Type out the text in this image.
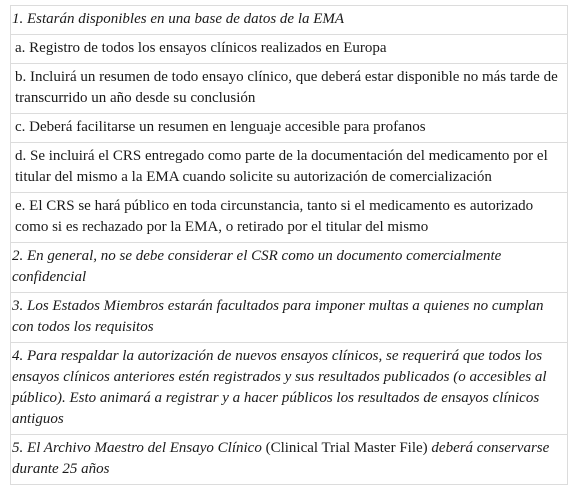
1. Estarán disponibles en una base de datos de la EMA
a. Registro de todos los ensayos clínicos realizados en Europa
b. Incluirá un resumen de todo ensayo clínico, que deberá estar disponible no más tarde de transcurrido un año desde su conclusión
c. Deberá facilitarse un resumen en lenguaje accesible para profanos
d. Se incluirá el CRS entregado como parte de la documentación del medicamento por el titular del mismo a la EMA cuando solicite su autorización de comercialización
e. El CRS se hará público en toda circunstancia, tanto si el medicamento es autorizado como si es rechazado por la EMA, o retirado por el titular del mismo
2. En general, no se debe considerar el CSR como un documento comercialmente confidencial
3. Los Estados Miembros estarán facultados para imponer multas a quienes no cumplan con todos los requisitos
4. Para respaldar la autorización de nuevos ensayos clínicos, se requerirá que todos los ensayos clínicos anteriores estén registrados y sus resultados publicados (o accesibles al público). Esto animará a registrar y a hacer públicos los resultados de ensayos clínicos antiguos
5. El Archivo Maestro del Ensayo Clínico (Clinical Trial Master File) deberá conservarse durante 25 años
